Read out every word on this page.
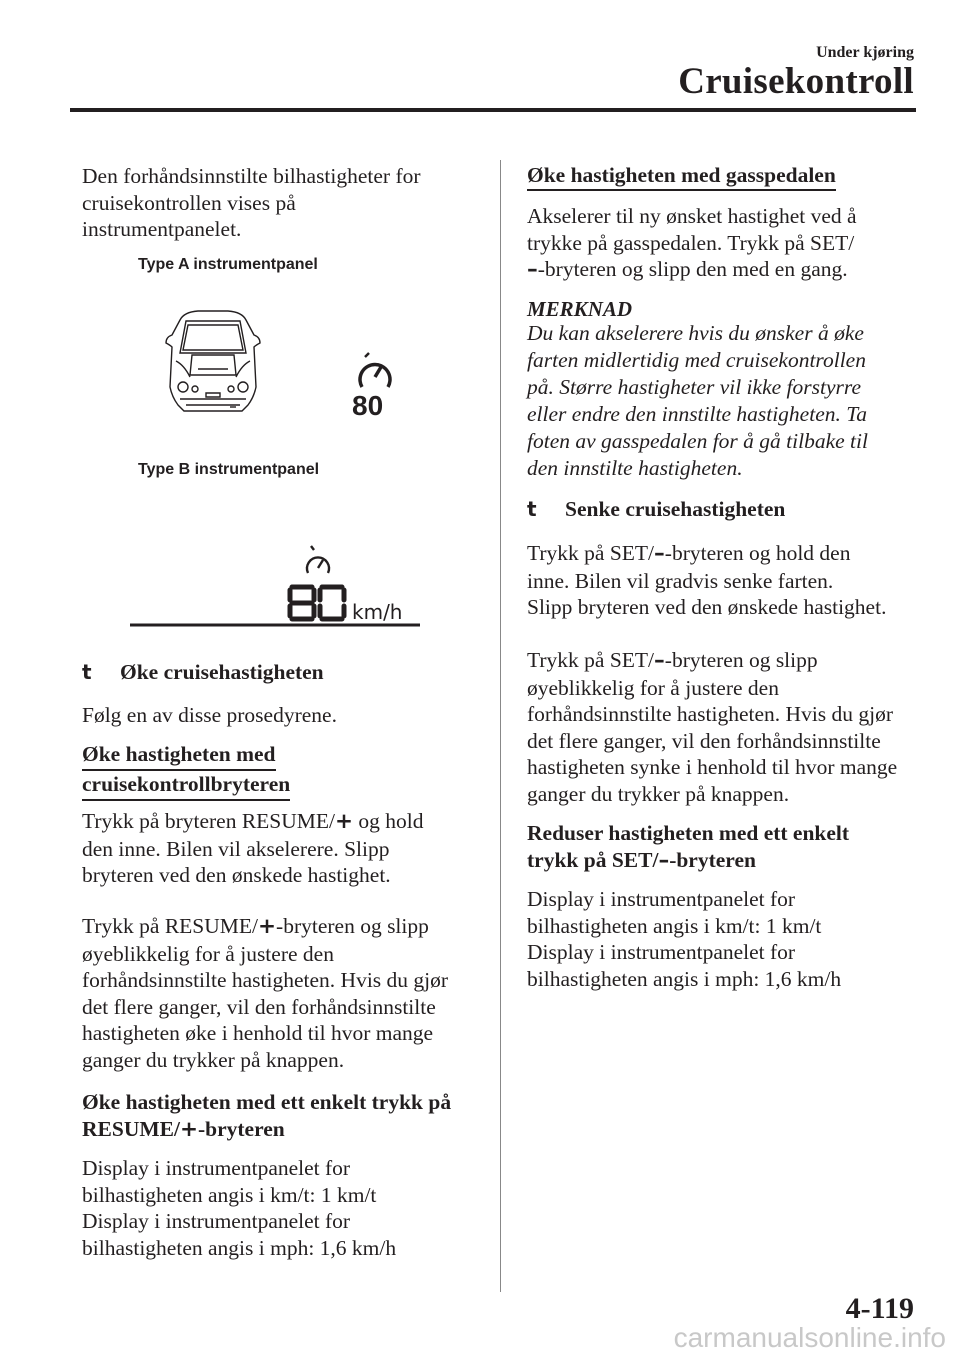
Under kjøring
Cruisekontroll

Den forhåndsinnstilte bilhastigheter for
cruisekontrollen vises på
instrumentpanelet.

Type A instrumentpanel
80
Type B instrumentpanel
km/h
t Øke cruisehastigheten

Følg en av disse prosedyrene.

Øke hastigheten med
cruisekontrollbryteren
Trykk på bryteren RESUME/+ og hold

den inne. Bilen vil akselerere. Slipp
bryteren ved den ønskede hastighet.
Trykk på RESUME/+-bryteren og slipp

øyeblikkelig for å justere den
forhåndsinnstilte hastigheten. Hvis du gjør
det flere ganger, vil den forhåndsinnstilte
hastigheten øke i henhold til hvor mange
ganger du trykker på knappen.
Øke hastigheten med ett enkelt trykk på
RESUME/+-bryteren

Display i instrumentpanelet for
bilhastigheten angis i km/t: 1 km/t
Display i instrumentpanelet for
bilhastigheten angis i mph: 1,6 km/h

Øke hastigheten med gasspedalen
Akselerer til ny ønsket hastighet ved å
trykke på gasspedalen. Trykk på SET/
–-bryteren og slipp den med en gang.
MERKNAD

Du kan akselerere hvis du ønsker å øke
farten midlertidig med cruisekontrollen
på. Større hastigheter vil ikke forstyrre
eller endre den innstilte hastigheten. Ta
foten av gasspedalen for å gå tilbake til
den innstilte hastigheten.

t Senke cruisehastigheten
Trykk på SET/–-bryteren og hold den

inne. Bilen vil gradvis senke farten.
Slipp bryteren ved den ønskede hastighet.
Trykk på SET/–-bryteren og slipp

øyeblikkelig for å justere den
forhåndsinnstilte hastigheten. Hvis du gjør
det flere ganger, vil den forhåndsinnstilte
hastigheten synke i henhold til hvor mange
ganger du trykker på knappen.
Reduser hastigheten med ett enkelt
trykk på SET/–-bryteren

Display i instrumentpanelet for
bilhastigheten angis i km/t: 1 km/t
Display i instrumentpanelet for
bilhastigheten angis i mph: 1,6 km/h

4-119
carmanualsonline.info
